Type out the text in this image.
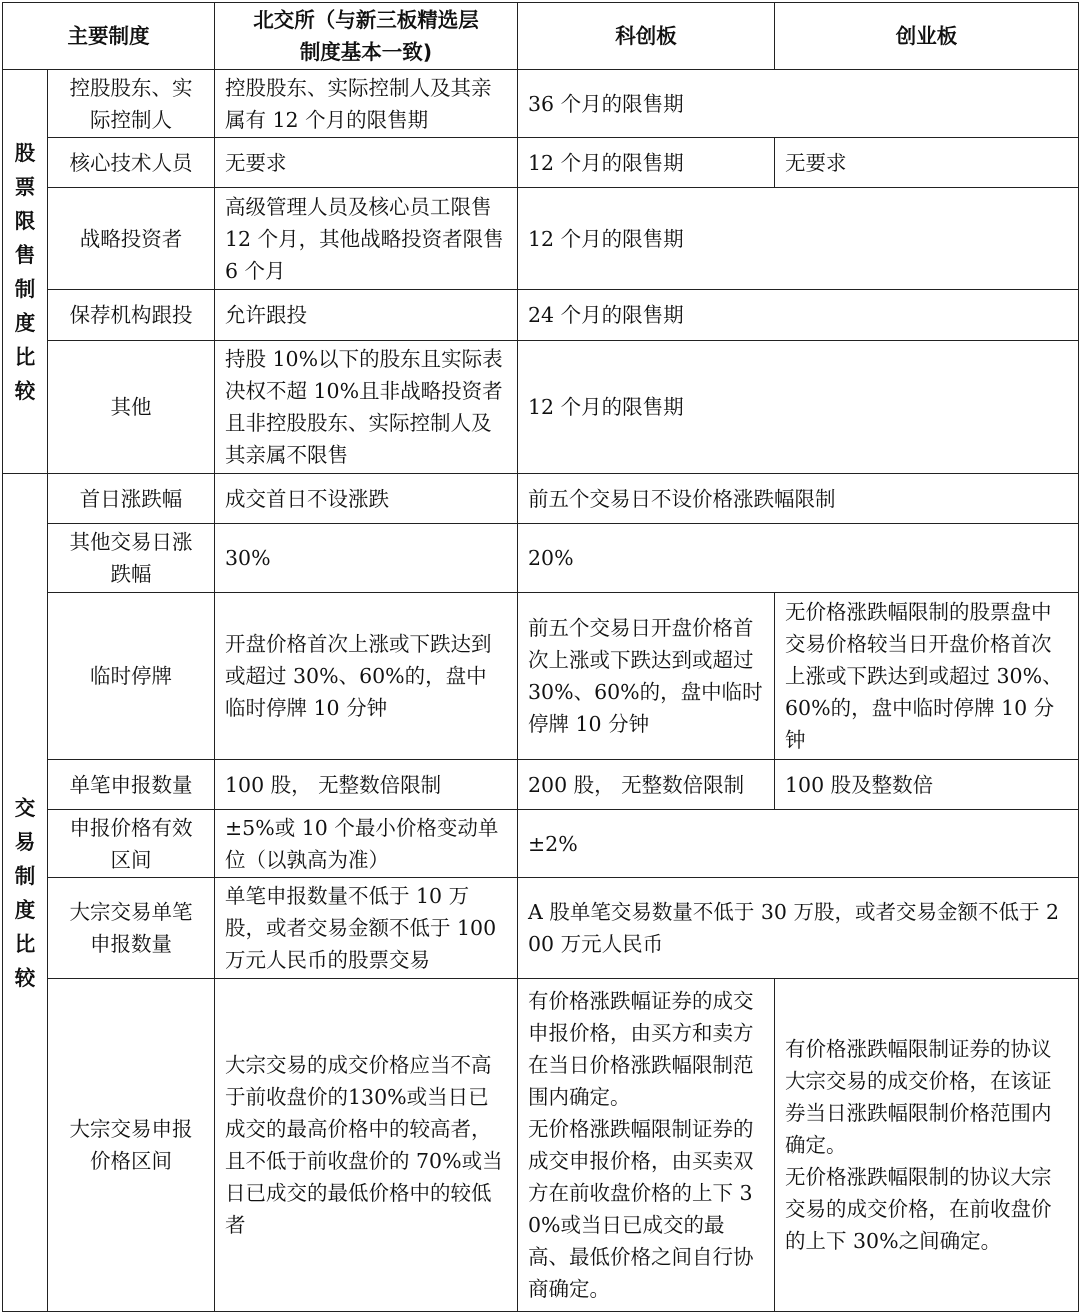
主要制度		北交所（与新三板精选层制度基本一致)	科创板	创业板

股票限售制度比较	控股股东、实际控制人	控股股东、实际控制人及其亲属有 12 个月的限售期	36 个月的限售期	
	核心技术人员	无要求	12 个月的限售期	无要求
	战略投资者	高级管理人员及核心员工限售 12 个月，其他战略投资者限售 6 个月	12 个月的限售期	
	保荐机构跟投	允许跟投	24 个月的限售期	
	其他	持股 10%以下的股东且实际表决权不超 10%且非战略投资者且非控股股东、实际控制人及其亲属不限售	12 个月的限售期	

交易制度比较	首日涨跌幅	成交首日不设涨跌	前五个交易日不设价格涨跌幅限制	
	其他交易日涨跌幅	30%	20%	
	临时停牌	开盘价格首次上涨或下跌达到或超过 30%、60%的，盘中临时停牌 10 分钟	前五个交易日开盘价格首次上涨或下跌达到或超过 30%、60%的，盘中临时停牌 10 分钟	无价格涨跌幅限制的股票盘中交易价格较当日开盘价格首次上涨或下跌达到或超过 30%、60%的，盘中临时停牌 10 分钟
	单笔申报数量	100 股， 无整数倍限制	200 股， 无整数倍限制	100 股及整数倍
	申报价格有效区间	±5%或 10 个最小价格变动单位（以孰高为准）	±2%	
	大宗交易单笔申报数量	单笔申报数量不低于 10 万股，或者交易金额不低于 100 万元人民币的股票交易	A 股单笔交易数量不低于 30 万股，或者交易金额不低于 200 万元人民币	
	大宗交易申报价格区间	大宗交易的成交价格应当不高于前收盘价的130%或当日已成交的最高价格中的较高者，且不低于前收盘价的 70%或当日已成交的最低价格中的较低者	有价格涨跌幅证券的成交申报价格，由买方和卖方在当日价格涨跌幅限制范围内确定。
无价格涨跌幅限制证券的成交申报价格，由买卖双方在前收盘价格的上下 30%或当日已成交的最高、最低价格之间自行协商确定。	有价格涨跌幅限制证券的协议大宗交易的成交价格，在该证券当日涨跌幅限制价格范围内确定。
无价格涨跌幅限制的协议大宗交易的成交价格，在前收盘价的上下 30%之间确定。
